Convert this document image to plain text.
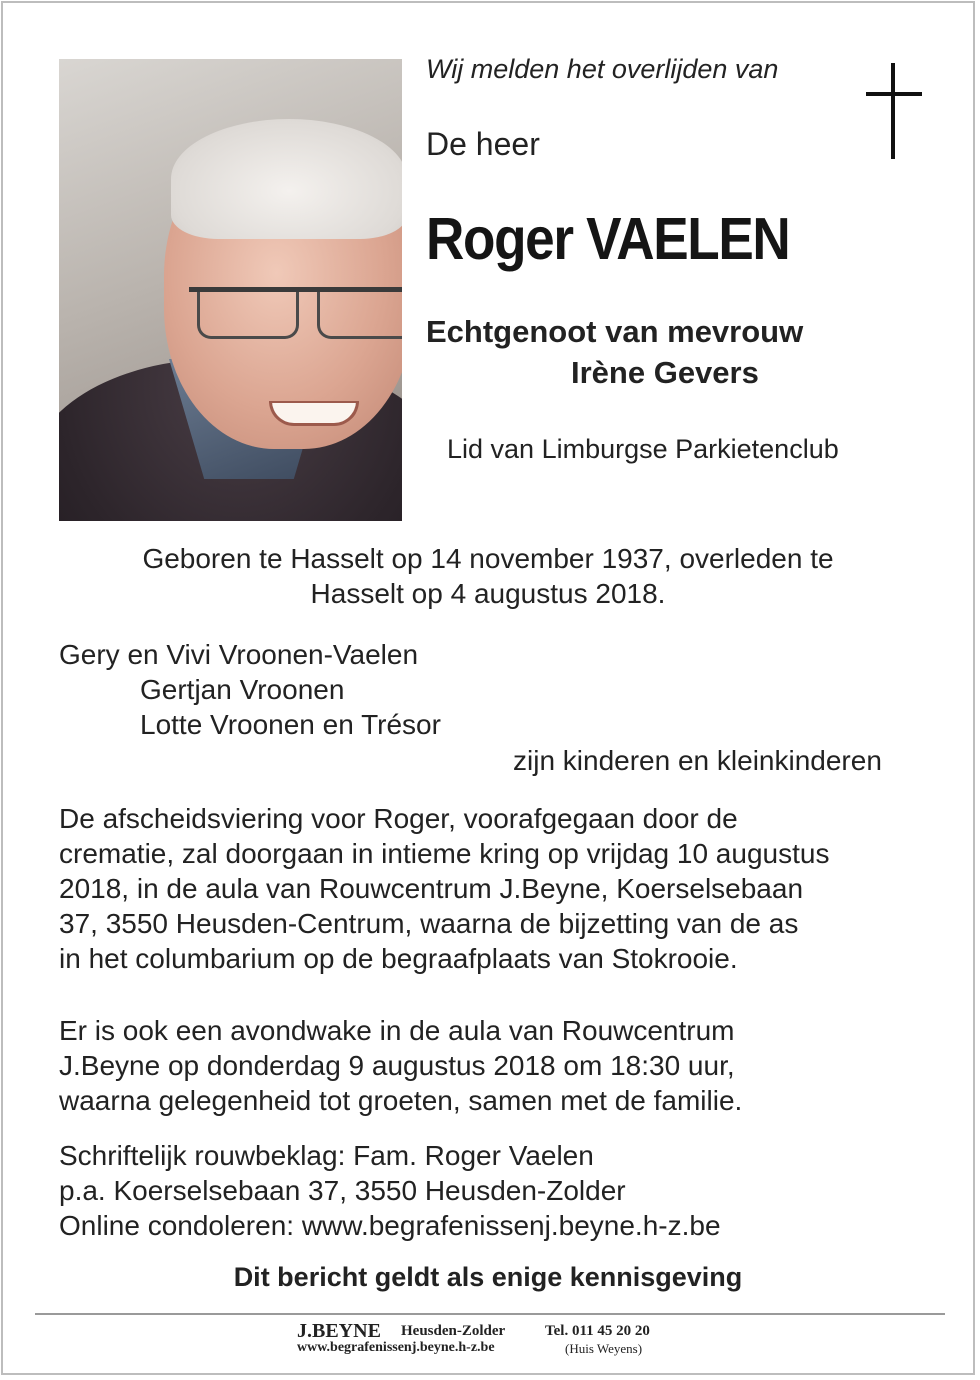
Wij melden het overlijden van
De heer
Roger VAELEN
Echtgenoot van mevrouw
Irène Gevers
Lid van Limburgse Parkietenclub
Geboren te Hasselt op 14 november 1937, overleden te
Hasselt op 4 augustus 2018.
Gery en Vivi Vroonen-Vaelen
Gertjan Vroonen
Lotte Vroonen en Trésor
zijn kinderen en kleinkinderen
De afscheidsviering voor Roger, voorafgegaan door de
crematie, zal doorgaan in intieme kring op vrijdag 10 augustus
2018, in de aula van Rouwcentrum J.Beyne, Koerselsebaan
37, 3550 Heusden-Centrum, waarna de bijzetting van de as
in het columbarium op de begraafplaats van Stokrooie.
Er is ook een avondwake in de aula van Rouwcentrum
J.Beyne op donderdag 9 augustus 2018 om 18:30 uur,
waarna gelegenheid tot groeten, samen met de familie.
Schriftelijk rouwbeklag: Fam. Roger Vaelen
p.a. Koerselsebaan 37, 3550 Heusden-Zolder
Online condoleren: www.begrafenissenj.beyne.h-z.be
Dit bericht geldt als enige kennisgeving
J.BEYNE Heusden-Zolder	Tel. 011 45 20 20
www.begrafenissenj.beyne.h-z.be	(Huis Weyens)
